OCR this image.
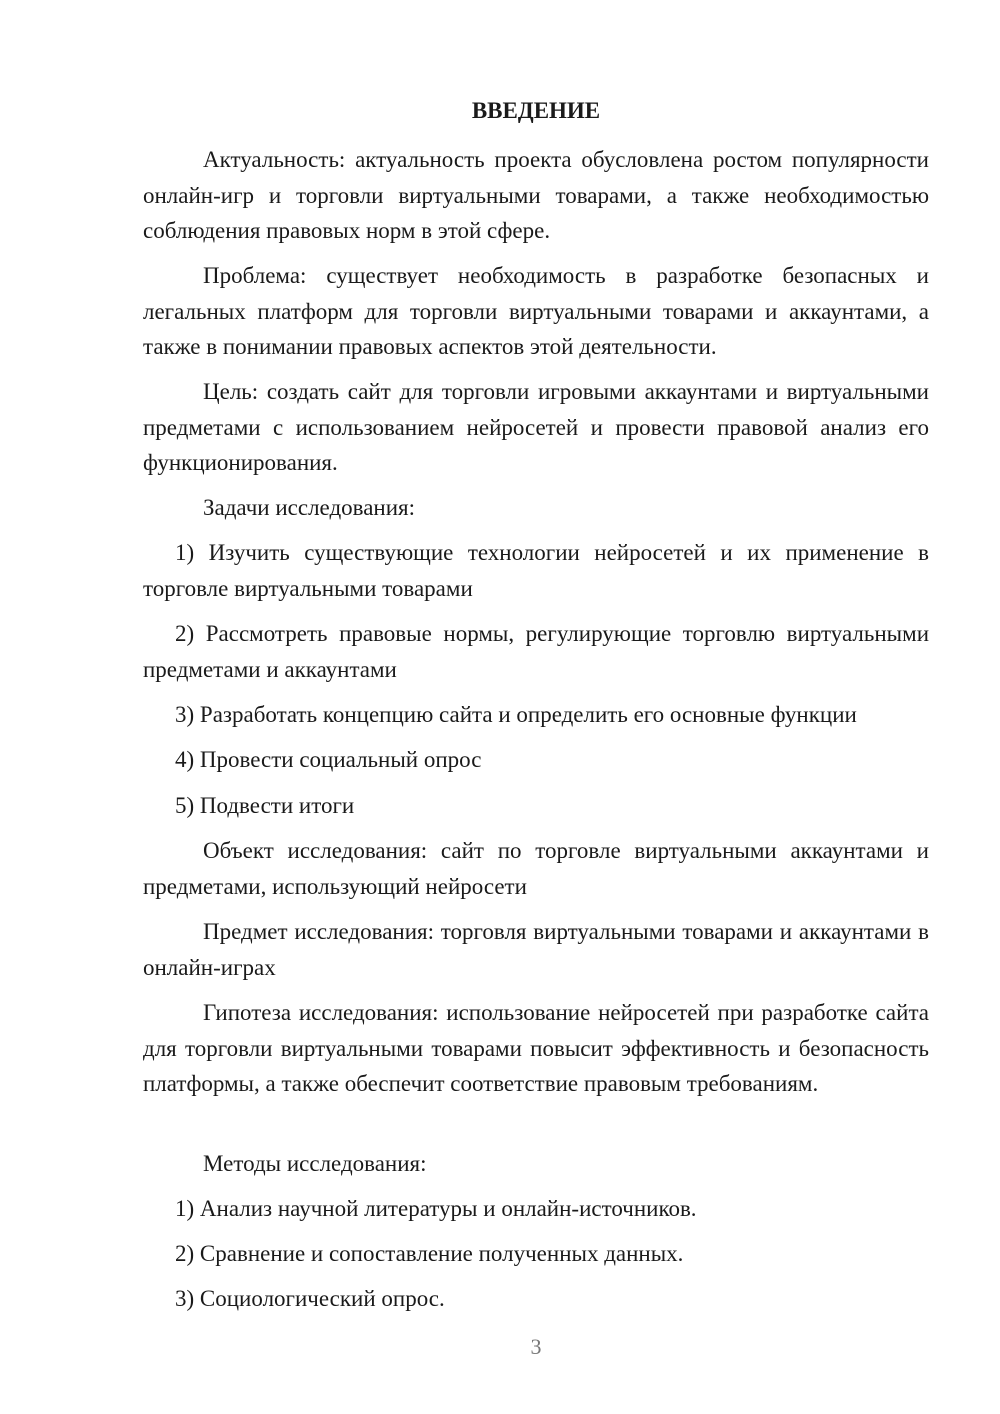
ВВЕДЕНИЕ

Актуальность: актуальность проекта обусловлена ростом популярности онлайн-игр и торговли виртуальными товарами, а также необходимостью соблюдения правовых норм в этой сфере.

Проблема: существует необходимость в разработке безопасных и легальных платформ для торговли виртуальными товарами и аккаунтами, а также в понимании правовых аспектов этой деятельности.

Цель: создать сайт для торговли игровыми аккаунтами и виртуальными предметами с использованием нейросетей и провести правовой анализ его функционирования.

Задачи исследования:

1) Изучить существующие технологии нейросетей и их применение в торговле виртуальными товарами

2) Рассмотреть правовые нормы, регулирующие торговлю виртуальными предметами и аккаунтами

3) Разработать концепцию сайта и определить его основные функции

4) Провести социальный опрос

5) Подвести итоги

Объект исследования: сайт по торговле виртуальными аккаунтами и предметами, использующий нейросети

Предмет исследования: торговля виртуальными товарами и аккаунтами в онлайн-играх

Гипотеза исследования: использование нейросетей при разработке сайта для торговли виртуальными товарами повысит эффективность и безопасность платформы, а также обеспечит соответствие правовым требованиям.

Методы исследования:

1) Анализ научной литературы и онлайн-источников.

2) Сравнение и сопоставление полученных данных.

3) Социологический опрос.

3
